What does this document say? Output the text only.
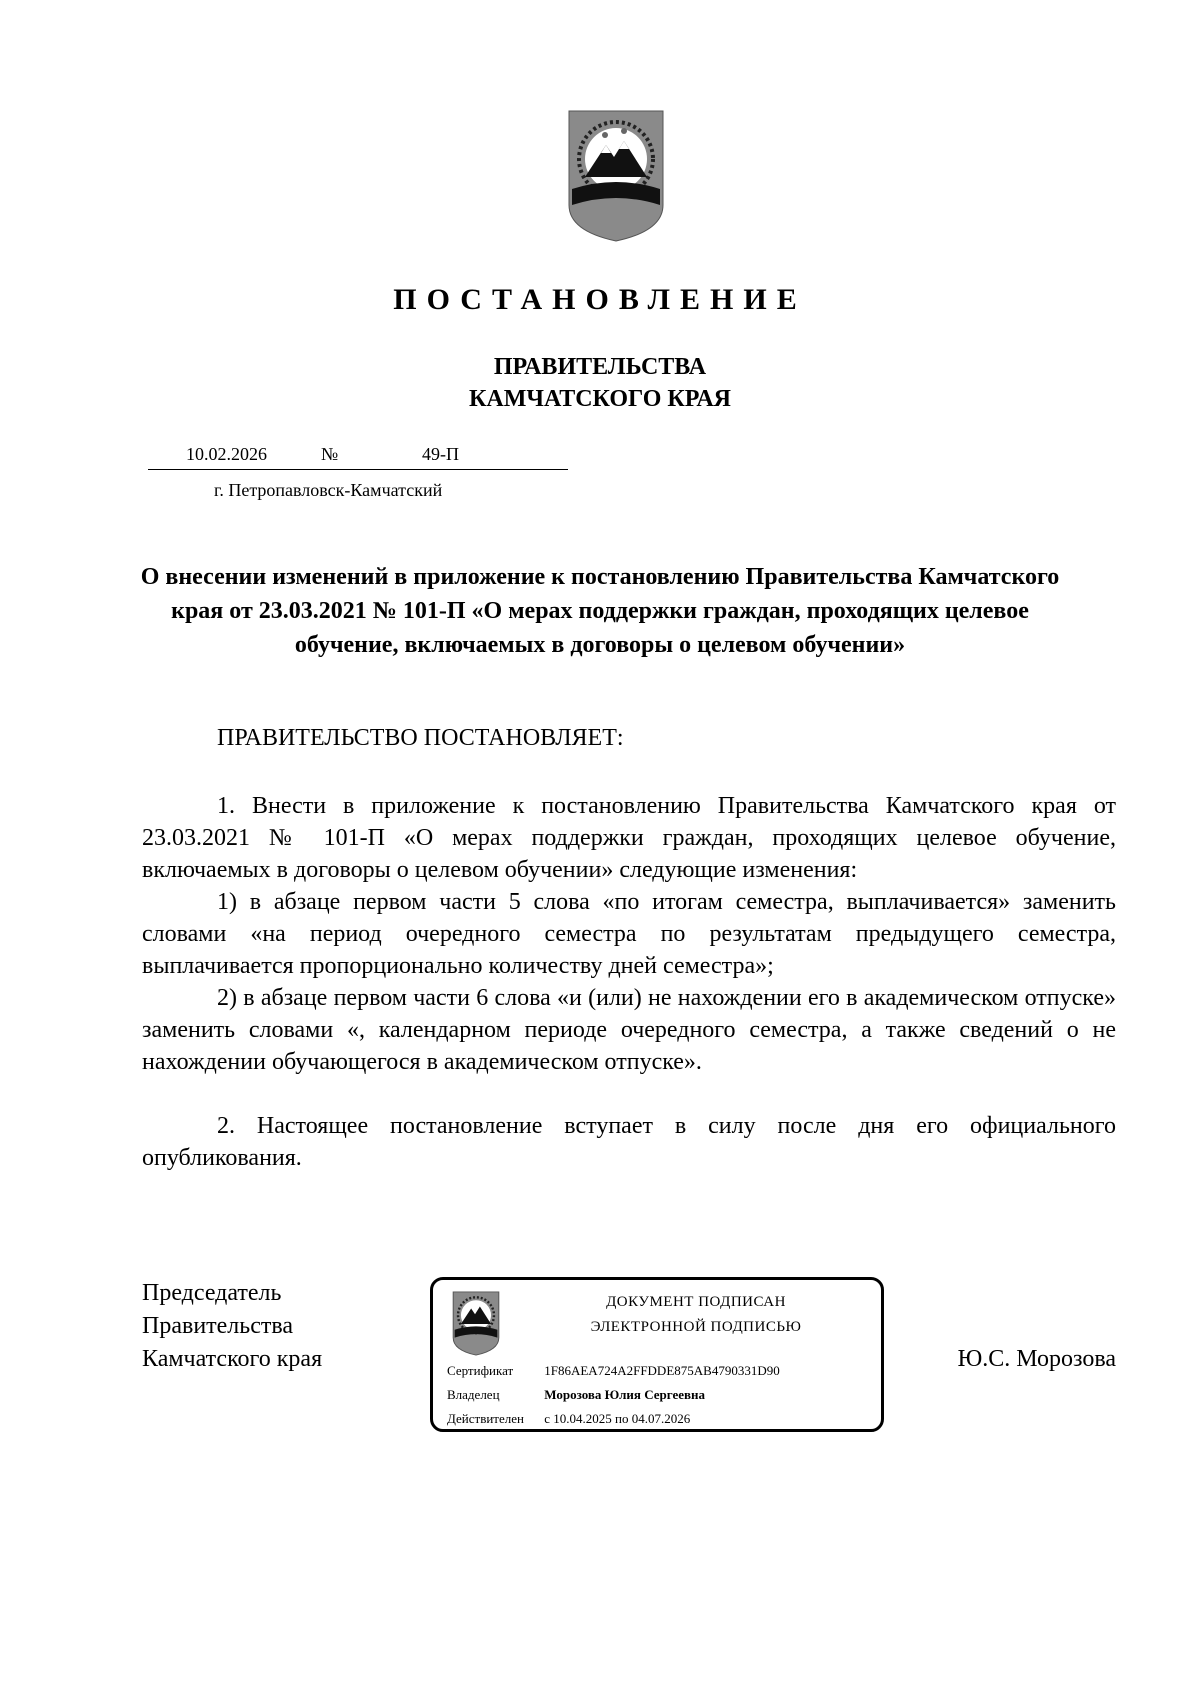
ПОСТАНОВЛЕНИЕ
ПРАВИТЕЛЬСТВА
КАМЧАТСКОГО КРАЯ
10.02.2026	№	49-П
г. Петропавловск-Камчатский
О внесении изменений в приложение к постановлению Правительства Камчатского края от 23.03.2021 № 101-П «О мерах поддержки граждан, проходящих целевое обучение, включаемых в договоры о целевом обучении»
ПРАВИТЕЛЬСТВО ПОСТАНОВЛЯЕТ:
1. Внести в приложение к постановлению Правительства Камчатского края от 23.03.2021 № 101-П «О мерах поддержки граждан, проходящих целевое обучение, включаемых в договоры о целевом обучении» следующие изменения:
1) в абзаце первом части 5 слова «по итогам семестра, выплачивается» заменить словами «на период очередного семестра по результатам предыдущего семестра, выплачивается пропорционально количеству дней семестра»;
2) в абзаце первом части 6 слова «и (или) не нахождении его в академическом отпуске» заменить словами «, календарном периоде очередного семестра, а также сведений о не нахождении обучающегося в академическом отпуске».
2. Настоящее постановление вступает в силу после дня его официального опубликования.
Председатель
Правительства
Камчатского края	Ю.С. Морозова
ДОКУМЕНТ ПОДПИСАН
ЭЛЕКТРОННОЙ ПОДПИСЬЮ
Сертификат 1F86AEA724A2FFDDE875AB4790331D90
Владелец	Морозова Юлия Сергеевна
Действителен с 10.04.2025 по 04.07.2026
